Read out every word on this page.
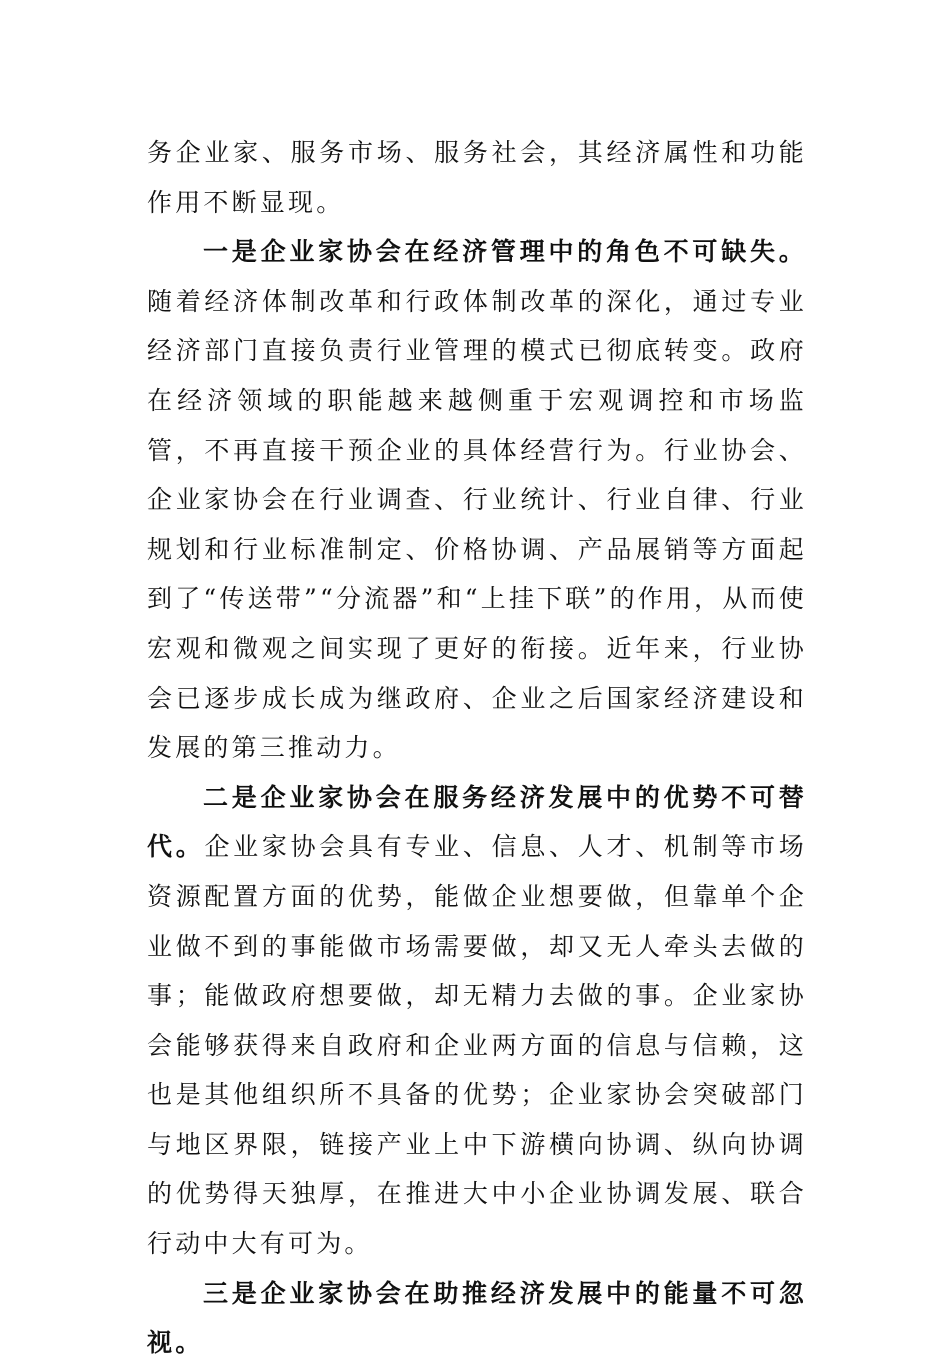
务企业家、服务市场、服务社会，其经济属性和功能作用不断显现。

一是企业家协会在经济管理中的角色不可缺失。随着经济体制改革和行政体制改革的深化，通过专业经济部门直接负责行业管理的模式已彻底转变。政府在经济领域的职能越来越侧重于宏观调控和市场监管，不再直接干预企业的具体经营行为。行业协会、企业家协会在行业调查、行业统计、行业自律、行业规划和行业标准制定、价格协调、产品展销等方面起到了“传送带”“分流器”和“上挂下联”的作用，从而使宏观和微观之间实现了更好的衔接。近年来，行业协会已逐步成长成为继政府、企业之后国家经济建设和发展的第三推动力。

二是企业家协会在服务经济发展中的优势不可替代。企业家协会具有专业、信息、人才、机制等市场资源配置方面的优势，能做企业想要做，但靠单个企业做不到的事能做市场需要做，却又无人牵头去做的事；能做政府想要做，却无精力去做的事。企业家协会能够获得来自政府和企业两方面的信息与信赖，这也是其他组织所不具备的优势；企业家协会突破部门与地区界限，链接产业上中下游横向协调、纵向协调的优势得天独厚，在推进大中小企业协调发展、联合行动中大有可为。

三是企业家协会在助推经济发展中的能量不可忽视。
